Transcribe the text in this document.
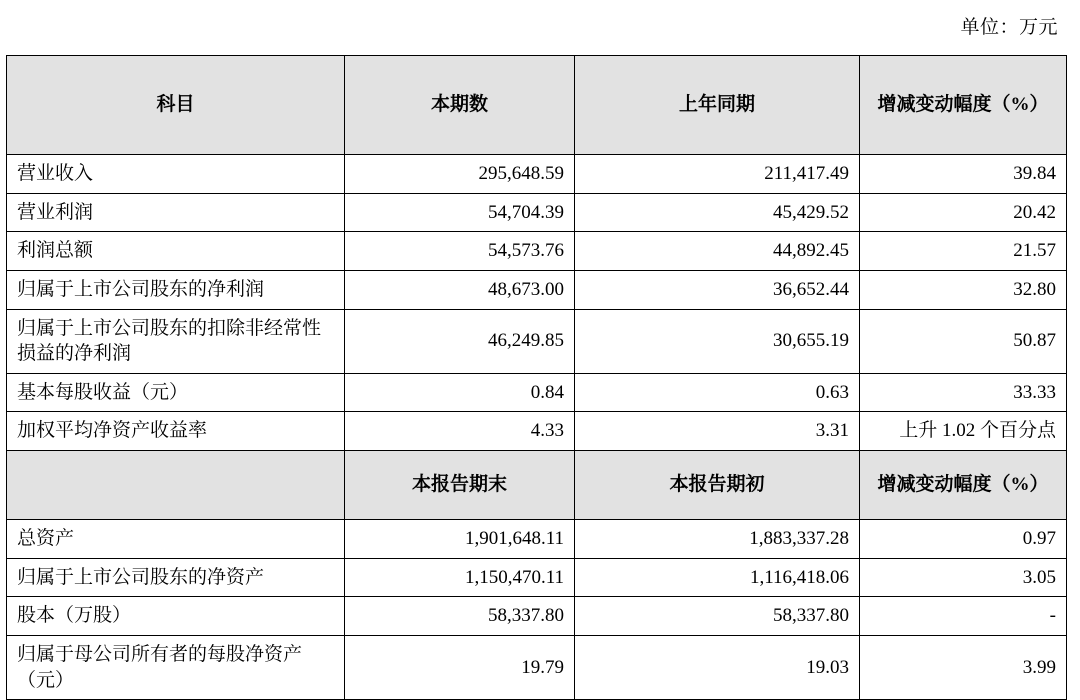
单位：万元
科目	本期数	上年同期	增减变动幅度（%）
营业收入	295,648.59	211,417.49	39.84
营业利润	54,704.39	45,429.52	20.42
利润总额	54,573.76	44,892.45	21.57
归属于上市公司股东的净利润	48,673.00	36,652.44	32.80
归属于上市公司股东的扣除非经常性损益的净利润	46,249.85	30,655.19	50.87
基本每股收益（元）	0.84	0.63	33.33
加权平均净资产收益率	4.33	3.31	上升 1.02 个百分点
	本报告期末	本报告期初	增减变动幅度（%）
总资产	1,901,648.11	1,883,337.28	0.97
归属于上市公司股东的净资产	1,150,470.11	1,116,418.06	3.05
股本（万股）	58,337.80	58,337.80	-
归属于母公司所有者的每股净资产（元）	19.79	19.03	3.99
